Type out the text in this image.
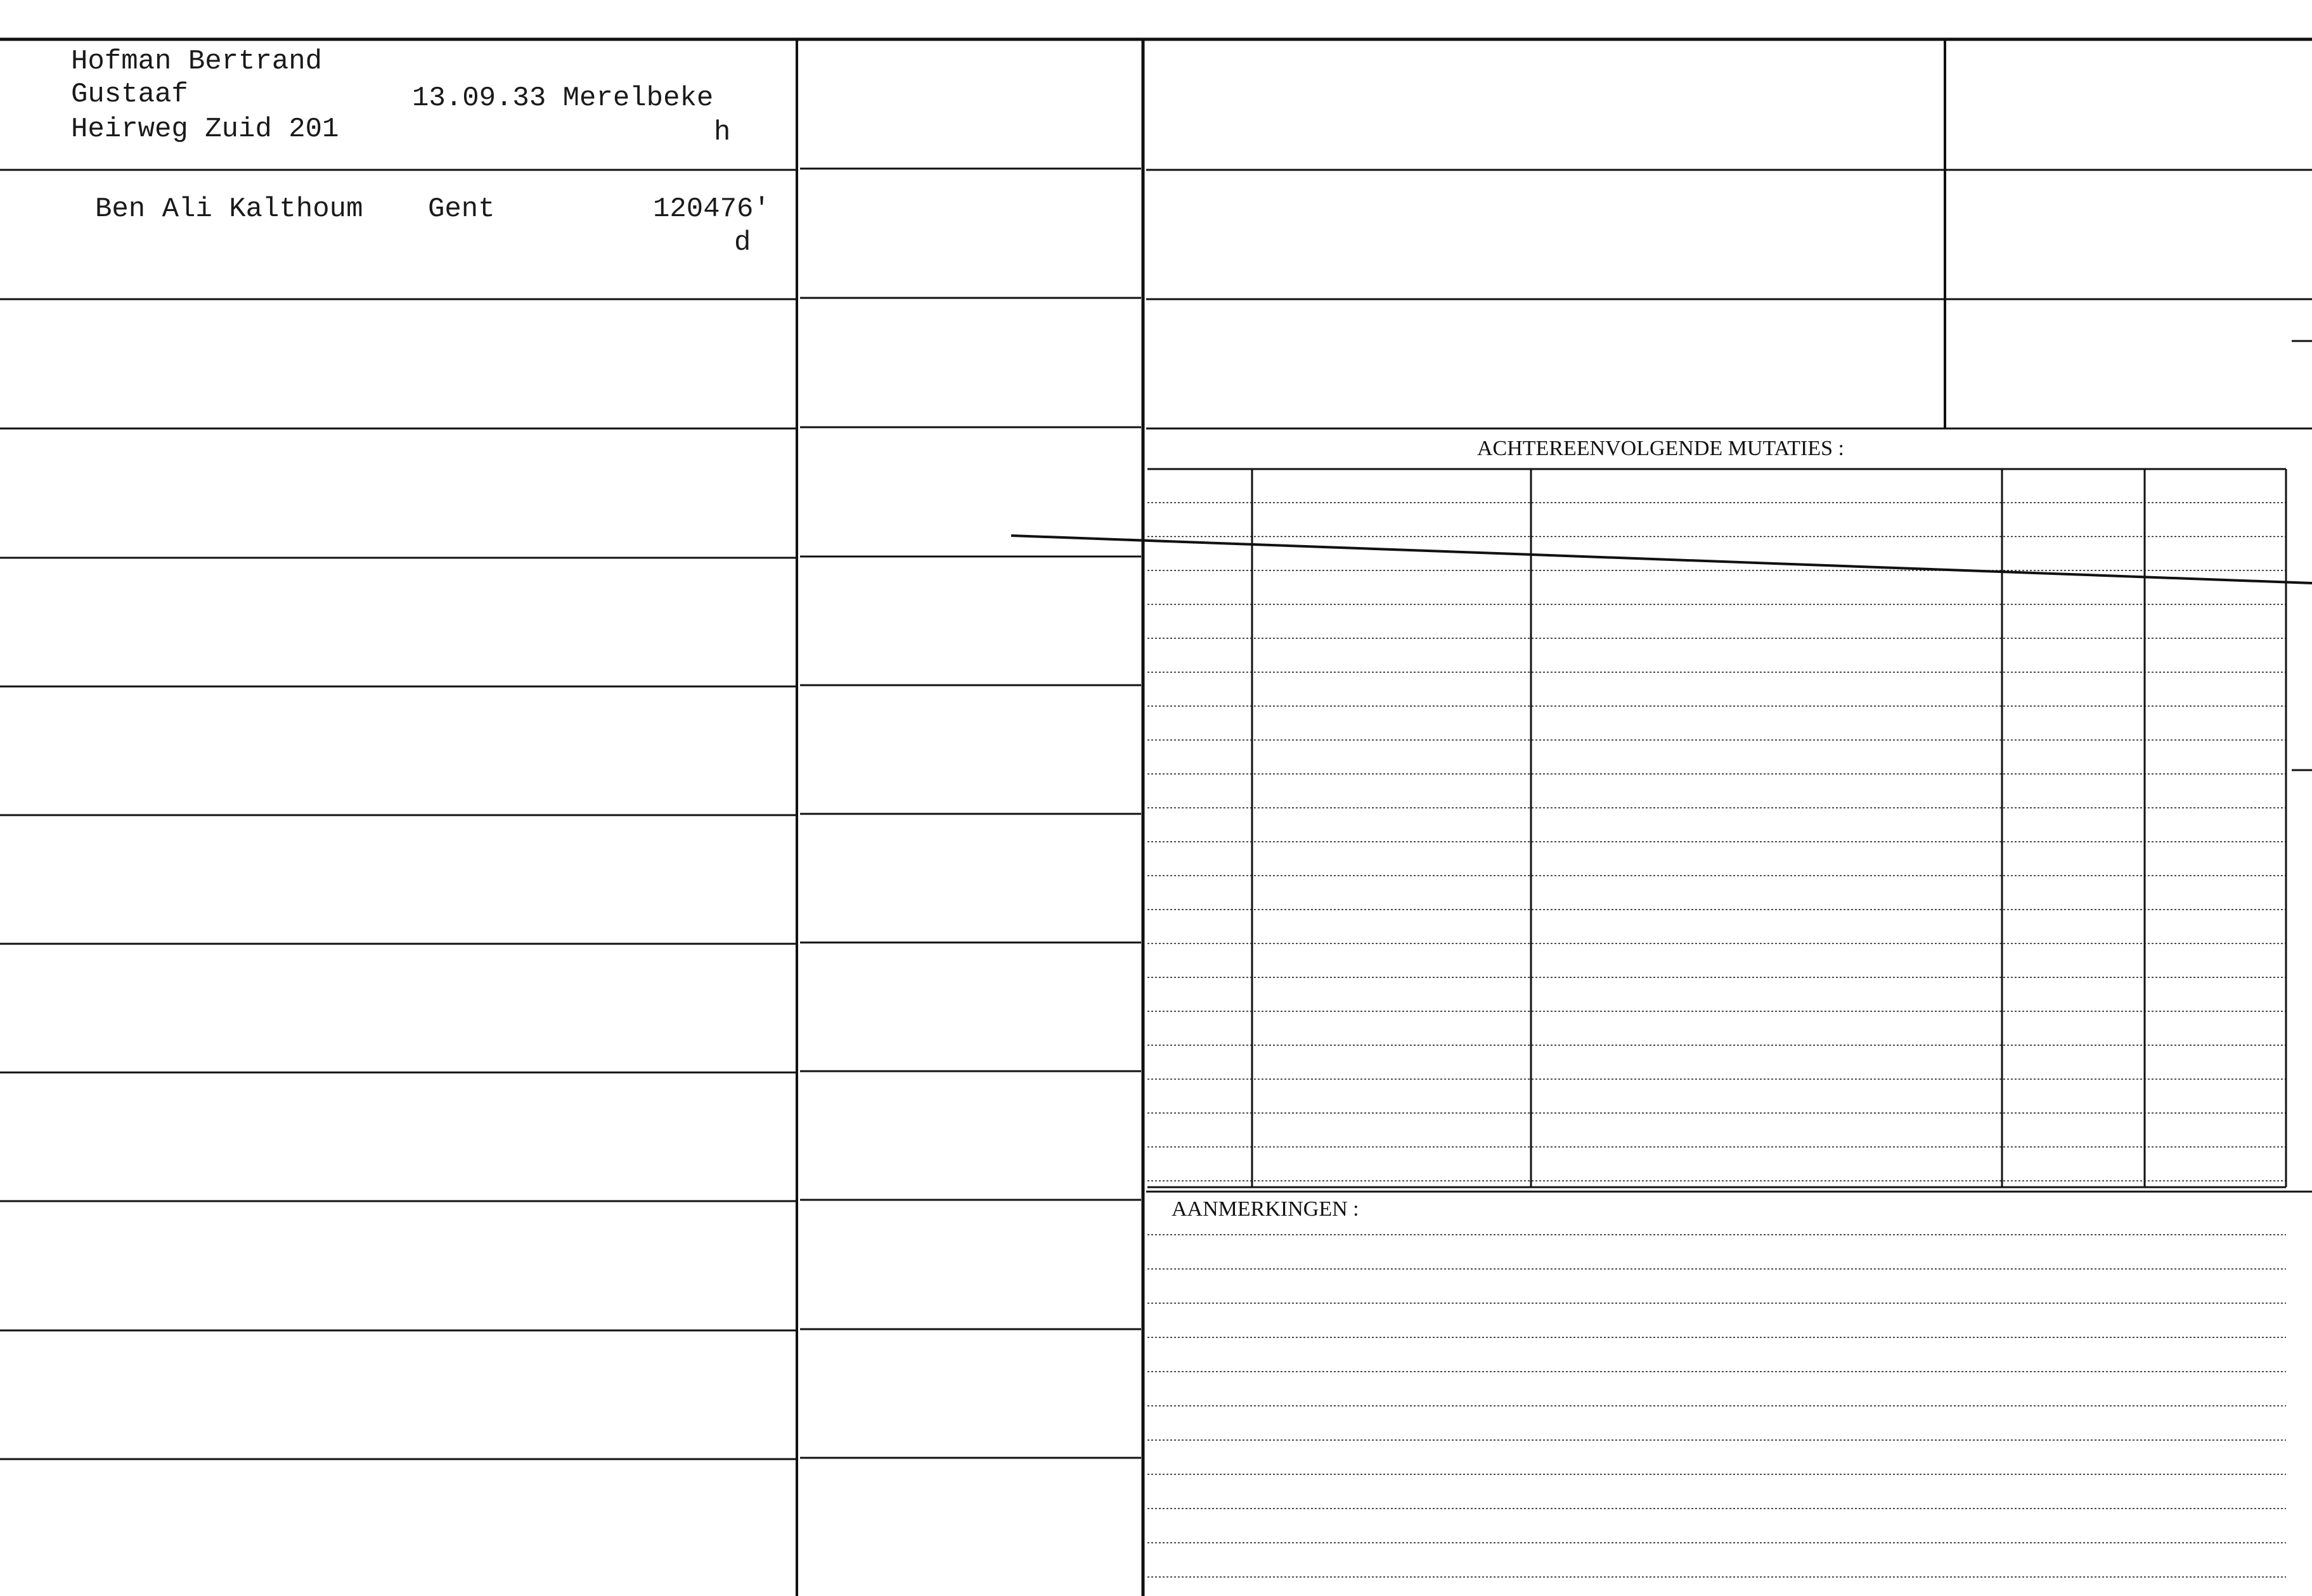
Hofman Bertrand
Gustaaf
Heirweg Zuid 201
13.09.33 Merelbeke
h
Ben Ali Kalthoum Gent	120476'
d
ACHTEREENVOLGENDE MUTATIES :
AANMERKINGEN :
